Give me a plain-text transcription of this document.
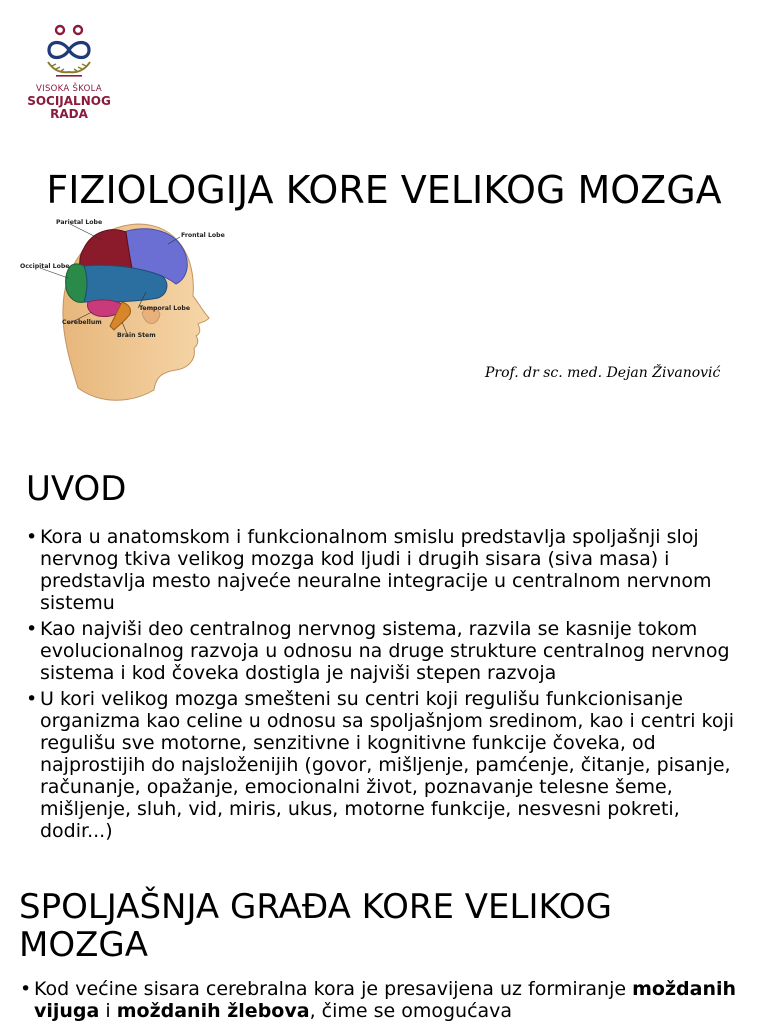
VISOKA ŠKOLA
SOCIJALNOG
RADA
FIZIOLOGIJA KORE VELIKOG MOZGA
Parietal Lobe
Frontal Lobe
Occipital Lobe
Temporal Lobe
Cerebellum
Brain Stem
Prof. dr sc. med. Dejan Živanović
UVOD
• Kora u anatomskom i funkcionalnom smislu predstavlja spoljašnji sloj nervnog tkiva velikog mozga kod ljudi i drugih sisara (siva masa) i predstavlja mesto najveće neuralne integracije u centralnom nervnom sistemu
• Kao najviši deo centralnog nervnog sistema, razvila se kasnije tokom evolucionalnog razvoja u odnosu na druge strukture centralnog nervnog sistema i kod čoveka dostigla je najviši stepen razvoja
• U kori velikog mozga smešteni su centri koji regulišu funkcionisanje organizma kao celine u odnosu sa spoljašnjom sredinom, kao i centri koji regulišu sve motorne, senzitivne i kognitivne funkcije čoveka, od najprostijih do najsloženijih (govor, mišljenje, pamćenje, čitanje, pisanje, računanje, opažanje, emocionalni život, poznavanje telesne šeme, mišljenje, sluh, vid, miris, ukus, motorne funkcije, nesvesni pokreti, dodir...)
SPOLJAŠNJA GRAĐA KORE VELIKOG MOZGA
• Kod većine sisara cerebralna kora je presavijena uz formiranje moždanih vijuga i moždanih žlebova, čime se omogućava
